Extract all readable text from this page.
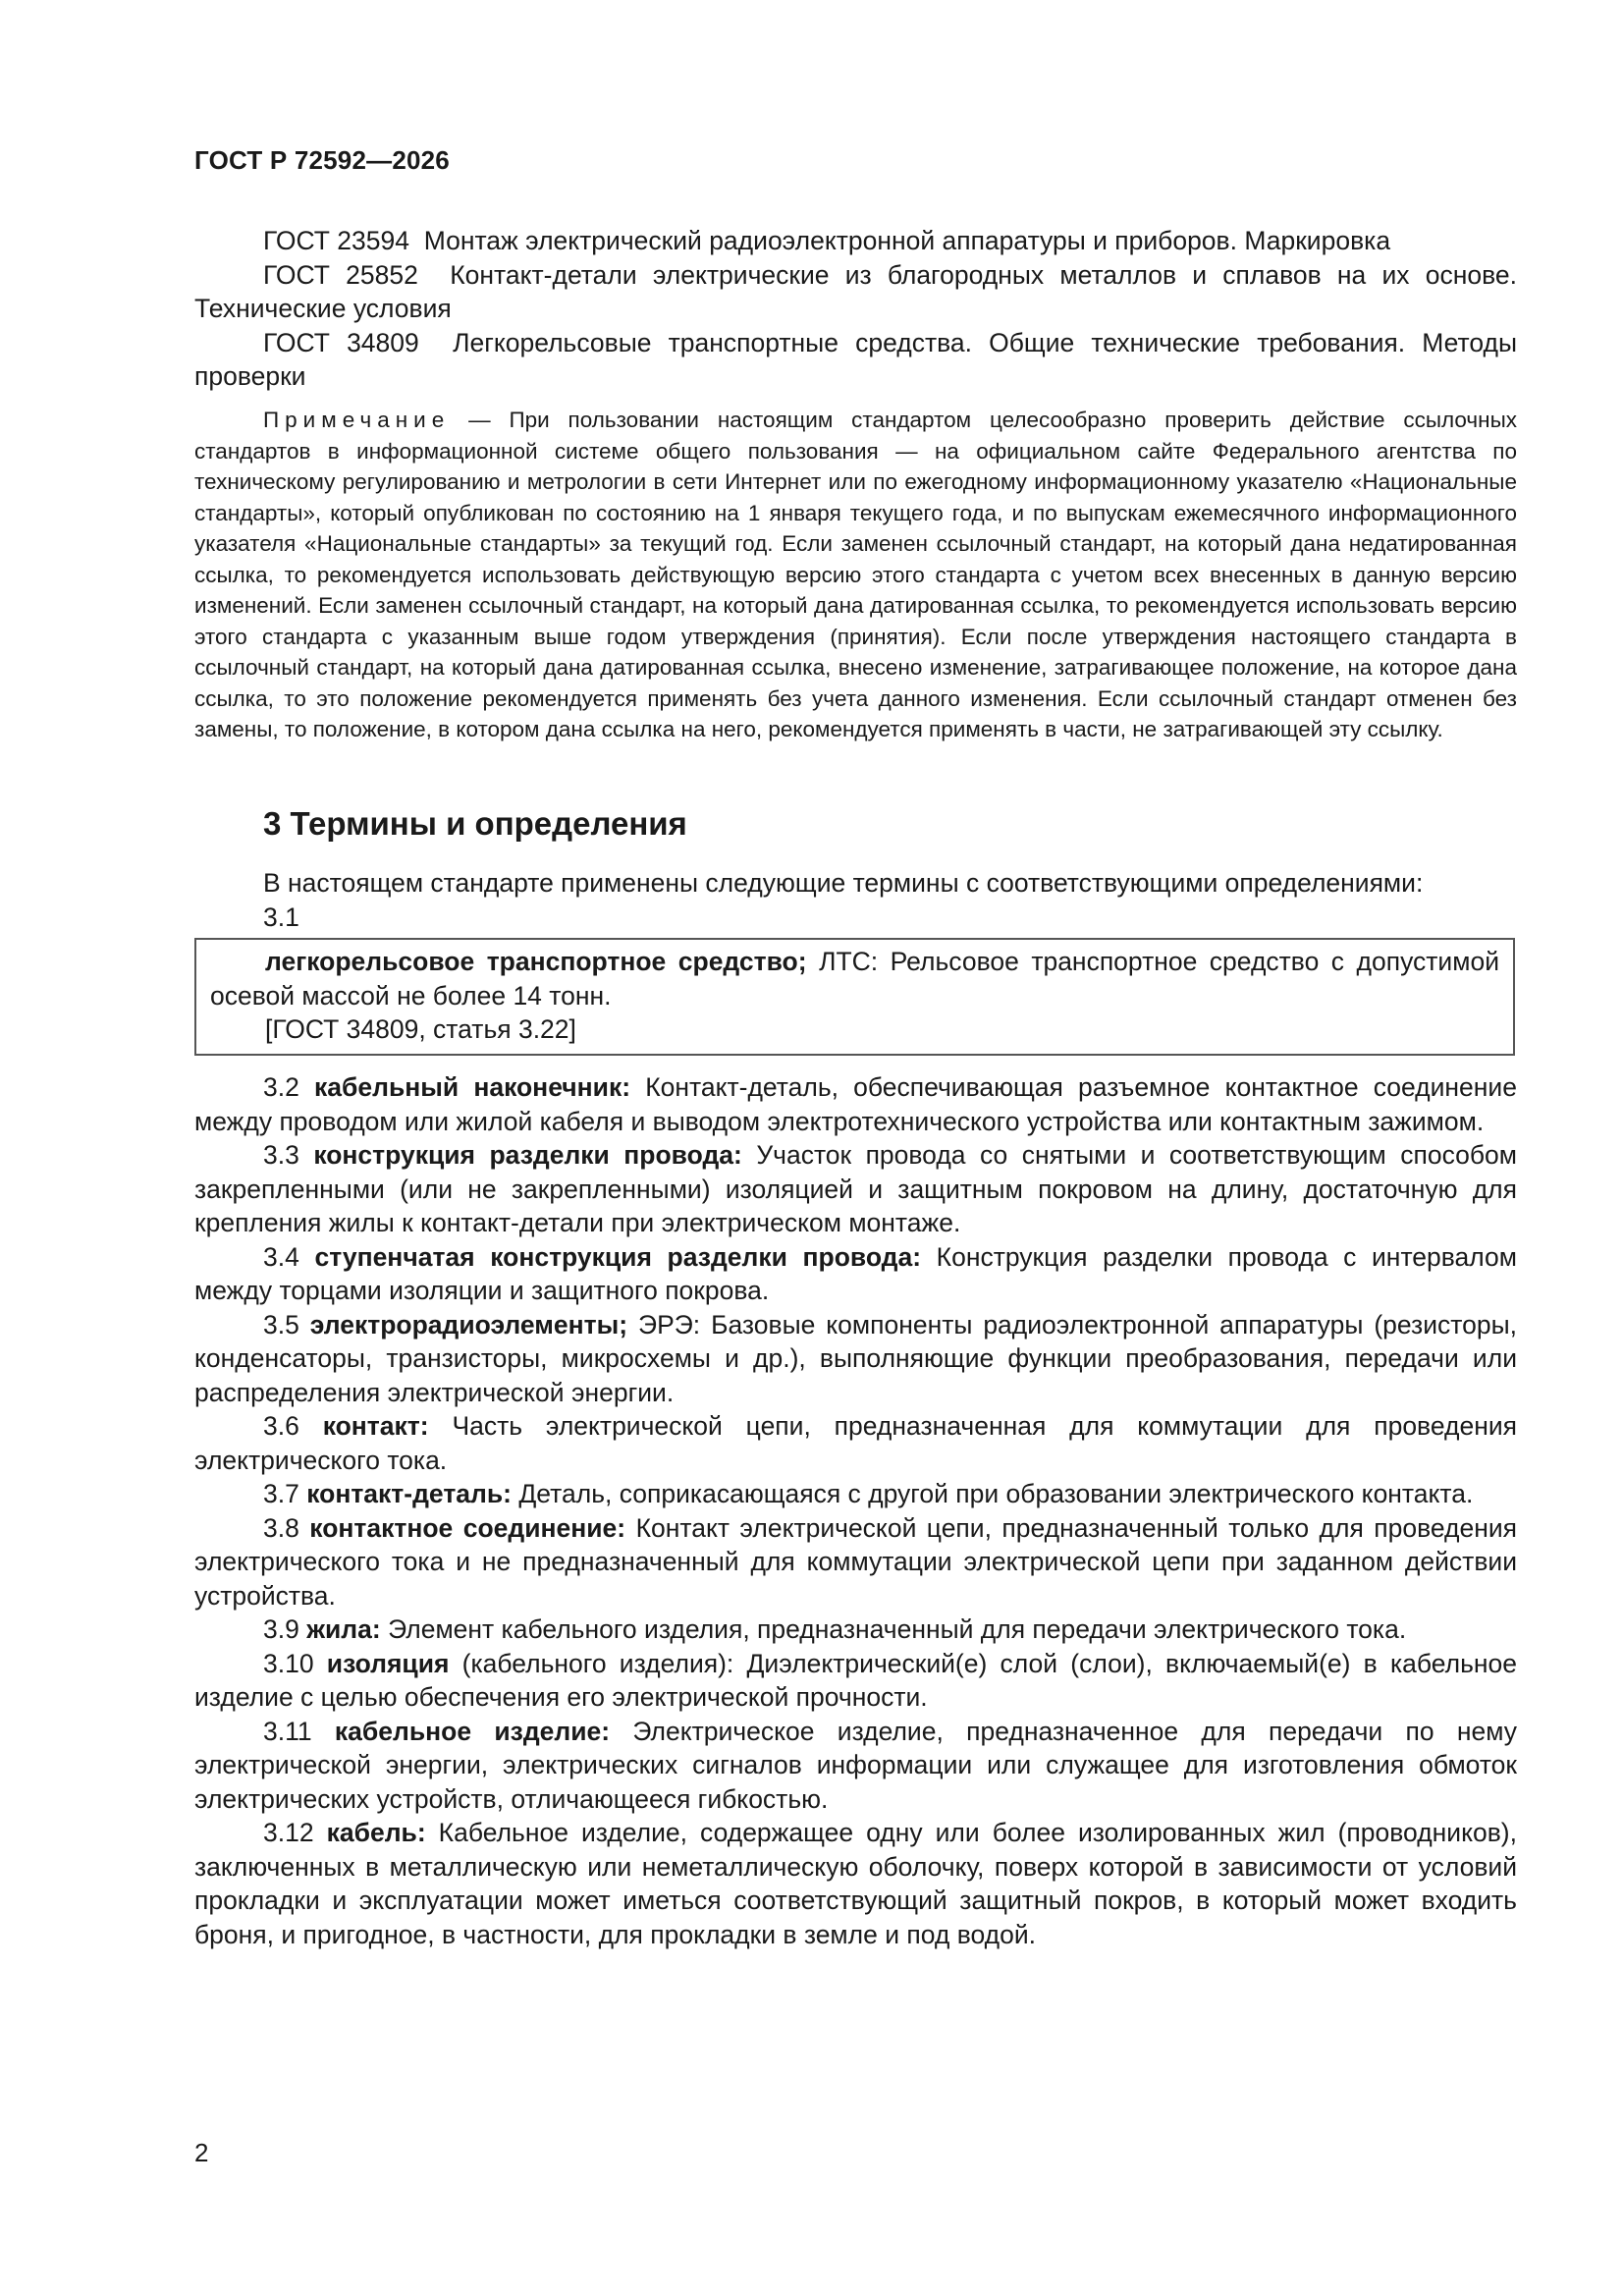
ГОСТ Р 72592—2026

ГОСТ 23594 Монтаж электрический радиоэлектронной аппаратуры и приборов. Маркировка

ГОСТ 25852 Контакт-детали электрические из благородных металлов и сплавов на их основе. Технические условия

ГОСТ 34809 Легкорельсовые транспортные средства. Общие технические требования. Методы проверки

Примечание — При пользовании настоящим стандартом целесообразно проверить действие ссылочных стандартов в информационной системе общего пользования — на официальном сайте Федерального агентства по техническому регулированию и метрологии в сети Интернет или по ежегодному информационному указателю «Национальные стандарты», который опубликован по состоянию на 1 января текущего года, и по выпускам ежемесячного информационного указателя «Национальные стандарты» за текущий год. Если заменен ссылочный стандарт, на который дана недатированная ссылка, то рекомендуется использовать действующую версию этого стандарта с учетом всех внесенных в данную версию изменений. Если заменен ссылочный стандарт, на который дана датированная ссылка, то рекомендуется использовать версию этого стандарта с указанным выше годом утверждения (принятия). Если после утверждения настоящего стандарта в ссылочный стандарт, на который дана датированная ссылка, внесено изменение, затрагивающее положение, на которое дана ссылка, то это положение рекомендуется применять без учета данного изменения. Если ссылочный стандарт отменен без замены, то положение, в котором дана ссылка на него, рекомендуется применять в части, не затрагивающей эту ссылку.

3 Термины и определения

В настоящем стандарте применены следующие термины с соответствующими определениями:

3.1

легкорельсовое транспортное средство; ЛТС: Рельсовое транспортное средство с допустимой осевой массой не более 14 тонн.

[ГОСТ 34809, статья 3.22]

3.2 кабельный наконечник: Контакт-деталь, обеспечивающая разъемное контактное соединение между проводом или жилой кабеля и выводом электротехнического устройства или контактным зажимом.

3.3 конструкция разделки провода: Участок провода со снятыми и соответствующим способом закрепленными (или не закрепленными) изоляцией и защитным покровом на длину, достаточную для крепления жилы к контакт-детали при электрическом монтаже.

3.4 ступенчатая конструкция разделки провода: Конструкция разделки провода с интервалом между торцами изоляции и защитного покрова.

3.5 электрорадиоэлементы; ЭРЭ: Базовые компоненты радиоэлектронной аппаратуры (резисторы, конденсаторы, транзисторы, микросхемы и др.), выполняющие функции преобразования, передачи или распределения электрической энергии.

3.6 контакт: Часть электрической цепи, предназначенная для коммутации для проведения электрического тока.

3.7 контакт-деталь: Деталь, соприкасающаяся с другой при образовании электрического контакта.

3.8 контактное соединение: Контакт электрической цепи, предназначенный только для проведения электрического тока и не предназначенный для коммутации электрической цепи при заданном действии устройства.

3.9 жила: Элемент кабельного изделия, предназначенный для передачи электрического тока.

3.10 изоляция (кабельного изделия): Диэлектрический(е) слой (слои), включаемый(е) в кабельное изделие с целью обеспечения его электрической прочности.

3.11 кабельное изделие: Электрическое изделие, предназначенное для передачи по нему электрической энергии, электрических сигналов информации или служащее для изготовления обмоток электрических устройств, отличающееся гибкостью.

3.12 кабель: Кабельное изделие, содержащее одну или более изолированных жил (проводников), заключенных в металлическую или неметаллическую оболочку, поверх которой в зависимости от условий прокладки и эксплуатации может иметься соответствующий защитный покров, в который может входить броня, и пригодное, в частности, для прокладки в земле и под водой.

2
